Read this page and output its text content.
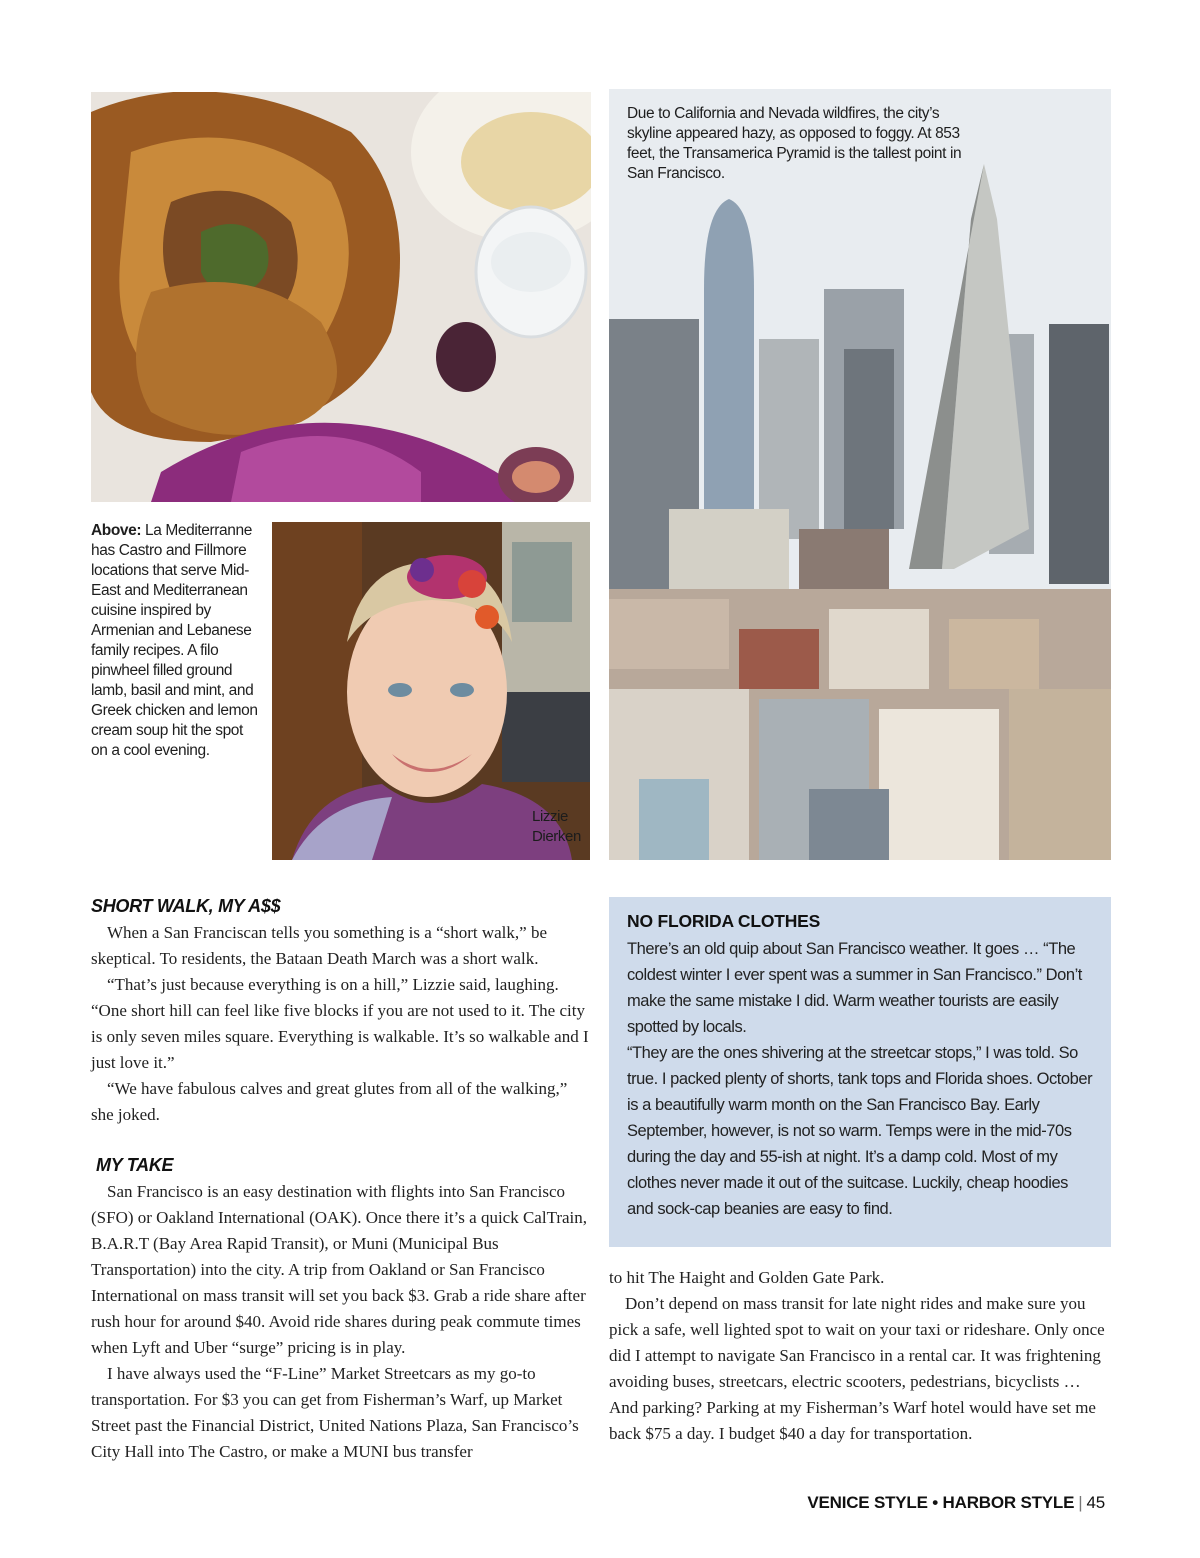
Above: La Mediterranne has Castro and Fillmore locations that serve Mid-East and Mediterranean cuisine inspired by Armenian and Lebanese family recipes. A filo pinwheel filled ground lamb, basil and mint, and Greek chicken and lemon cream soup hit the spot on a cool evening.
Lizzie Dierken
Due to California and Nevada wildfires, the city’s skyline appeared hazy, as opposed to foggy. At 853 feet, the Transamerica Pyramid is the tallest point in San Francisco.
SHORT WALK, MY A$$

When a San Franciscan tells you something is a “short walk,” be skeptical. To residents, the Bataan Death March was a short walk.

“That’s just because everything is on a hill,” Lizzie said, laughing. “One short hill can feel like five blocks if you are not used to it. The city is only seven miles square. Everything is walkable. It’s so walkable and I just love it.”

“We have fabulous calves and great glutes from all of the walking,” she joked.

MY TAKE

San Francisco is an easy destination with flights into San Francisco (SFO) or Oakland International (OAK). Once there it’s a quick CalTrain, B.A.R.T (Bay Area Rapid Transit), or Muni (Municipal Bus Transportation) into the city. A trip from Oakland or San Francisco International on mass transit will set you back $3. Grab a ride share after rush hour for around $40. Avoid ride shares during peak commute times when Lyft and Uber “surge” pricing is in play.

I have always used the “F-Line” Market Streetcars as my go-to transportation. For $3 you can get from Fisherman’s Warf, up Market Street past the Financial District, United Nations Plaza, San Francisco’s City Hall into The Castro, or make a MUNI bus transfer

NO FLORIDA CLOTHES

There’s an old quip about San Francisco weather. It goes … “The coldest winter I ever spent was a summer in San Francisco.” Don’t make the same mistake I did. Warm weather tourists are easily spotted by locals.

“They are the ones shivering at the streetcar stops,” I was told. So true. I packed plenty of shorts, tank tops and Florida shoes. October is a beautifully warm month on the San Francisco Bay. Early September, however, is not so warm. Temps were in the mid-70s during the day and 55-ish at night. It’s a damp cold. Most of my clothes never made it out of the suitcase. Luckily, cheap hoodies and sock-cap beanies are easy to find.

to hit The Haight and Golden Gate Park.

Don’t depend on mass transit for late night rides and make sure you pick a safe, well lighted spot to wait on your taxi or rideshare. Only once did I attempt to navigate San Francisco in a rental car. It was frightening avoiding buses, streetcars, electric scooters, pedestrians, bicyclists … And parking? Parking at my Fisherman’s Warf hotel would have set me back $75 a day. I budget $40 a day for transportation.

VENICE STYLE • HARBOR STYLE | 45
